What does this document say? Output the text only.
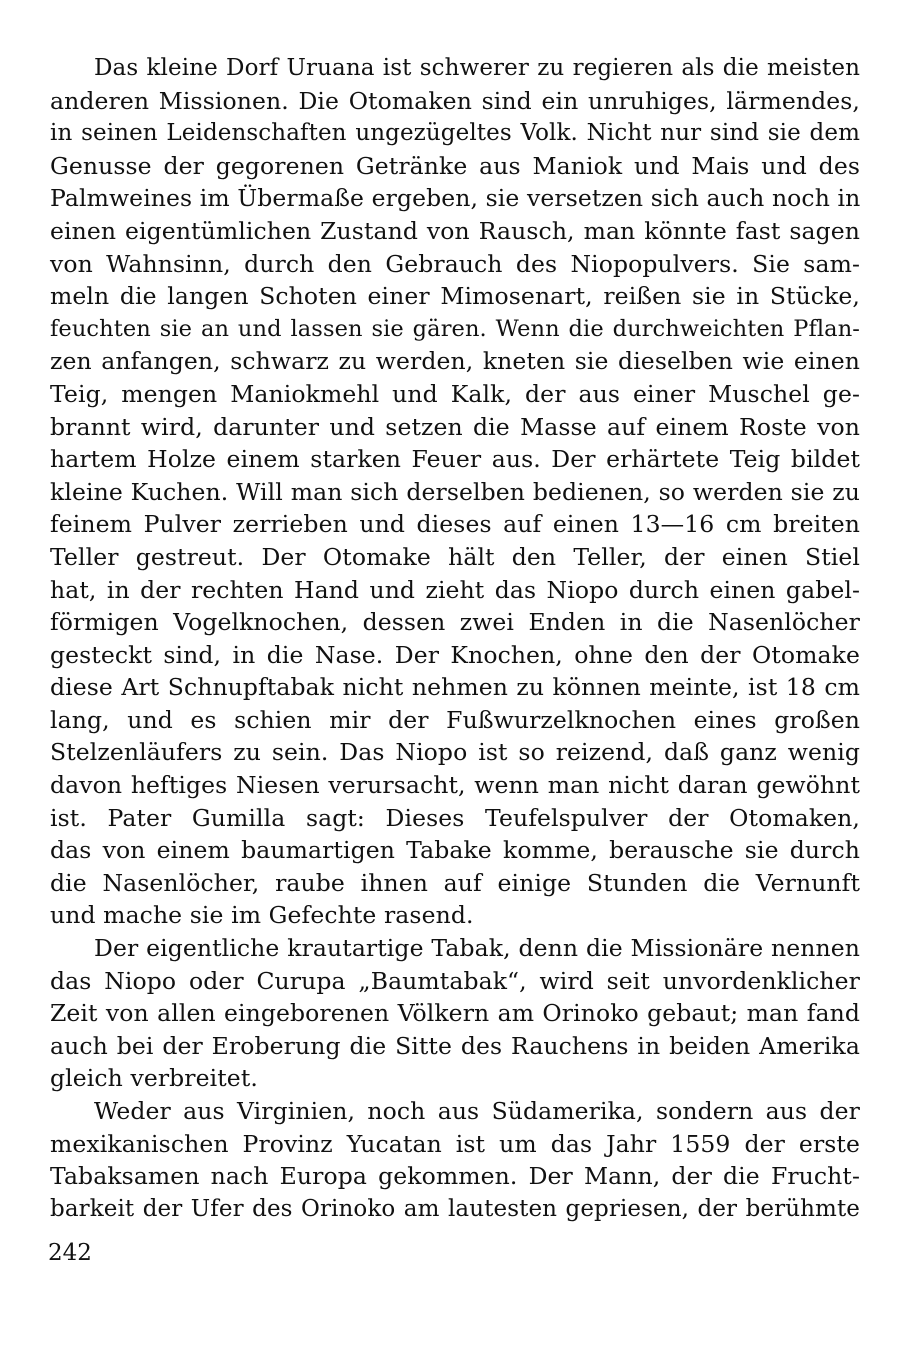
Das kleine Dorf Uruana ist schwerer zu regieren als die meisten
anderen Missionen. Die Otomaken sind ein unruhiges, lärmendes,
in seinen Leidenschaften ungezügeltes Volk. Nicht nur sind sie dem
Genusse der gegorenen Getränke aus Maniok und Mais und des
Palmweines im Übermaße ergeben, sie versetzen sich auch noch in
einen eigentümlichen Zustand von Rausch, man könnte fast sagen
von Wahnsinn, durch den Gebrauch des Niopopulvers. Sie sam-
meln die langen Schoten einer Mimosenart, reißen sie in Stücke,
feuchten sie an und lassen sie gären. Wenn die durchweichten Pflan-
zen anfangen, schwarz zu werden, kneten sie dieselben wie einen
Teig, mengen Maniokmehl und Kalk, der aus einer Muschel ge-
brannt wird, darunter und setzen die Masse auf einem Roste von
hartem Holze einem starken Feuer aus. Der erhärtete Teig bildet
kleine Kuchen. Will man sich derselben bedienen, so werden sie zu
feinem Pulver zerrieben und dieses auf einen 13—16 cm breiten
Teller gestreut. Der Otomake hält den Teller, der einen Stiel
hat, in der rechten Hand und zieht das Niopo durch einen gabel-
förmigen Vogelknochen, dessen zwei Enden in die Nasenlöcher
gesteckt sind, in die Nase. Der Knochen, ohne den der Otomake
diese Art Schnupftabak nicht nehmen zu können meinte, ist 18 cm
lang, und es schien mir der Fußwurzelknochen eines großen
Stelzenläufers zu sein. Das Niopo ist so reizend, daß ganz wenig
davon heftiges Niesen verursacht, wenn man nicht daran gewöhnt
ist. Pater Gumilla sagt: Dieses Teufelspulver der Otomaken,
das von einem baumartigen Tabake komme, berausche sie durch
die Nasenlöcher, raube ihnen auf einige Stunden die Vernunft
und mache sie im Gefechte rasend.
Der eigentliche krautartige Tabak, denn die Missionäre nennen
das Niopo oder Curupa „Baumtabak“, wird seit unvordenklicher
Zeit von allen eingeborenen Völkern am Orinoko gebaut; man fand
auch bei der Eroberung die Sitte des Rauchens in beiden Amerika
gleich verbreitet.
Weder aus Virginien, noch aus Südamerika, sondern aus der
mexikanischen Provinz Yucatan ist um das Jahr 1559 der erste
Tabaksamen nach Europa gekommen. Der Mann, der die Frucht-
barkeit der Ufer des Orinoko am lautesten gepriesen, der berühmte
242
